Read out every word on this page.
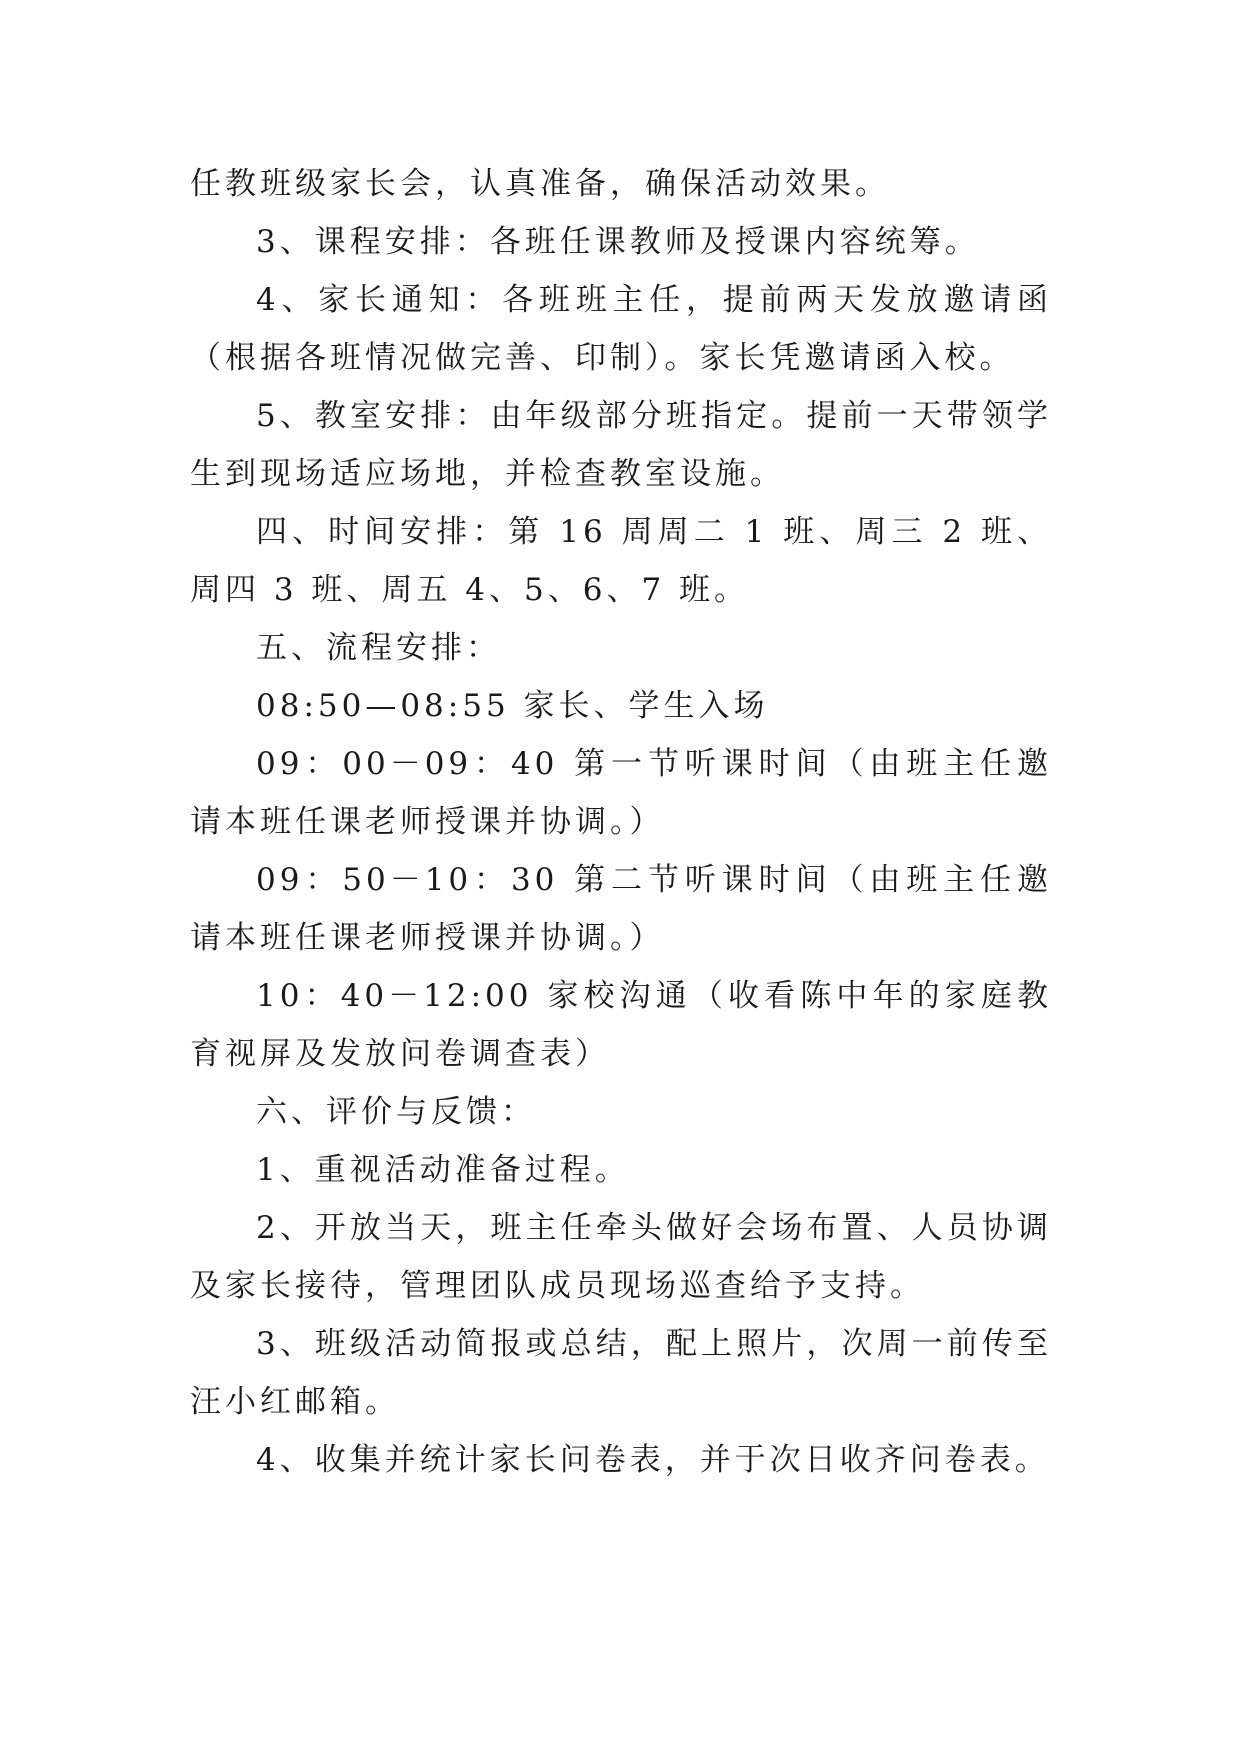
任教班级家长会，认真准备，确保活动效果。

3、课程安排：各班任课教师及授课内容统筹。

4、家长通知：各班班主任，提前两天发放邀请函（根据各班情况做完善、印制）。家长凭邀请函入校。

5、教室安排：由年级部分班指定。提前一天带领学生到现场适应场地，并检查教室设施。

四、时间安排：第 16 周周二 1 班、周三 2 班、周四 3 班、周五 4、5、6、7 班。

五、流程安排：

08:50—08:55 家长、学生入场

09：00－09：40 第一节听课时间（由班主任邀请本班任课老师授课并协调。）

09：50－10：30 第二节听课时间（由班主任邀请本班任课老师授课并协调。）

10：40－12:00 家校沟通（收看陈中年的家庭教育视屏及发放问卷调查表）

六、评价与反馈：

1、重视活动准备过程。

2、开放当天，班主任牵头做好会场布置、人员协调及家长接待，管理团队成员现场巡查给予支持。

3、班级活动简报或总结，配上照片，次周一前传至汪小红邮箱。

4、收集并统计家长问卷表，并于次日收齐问卷表。
